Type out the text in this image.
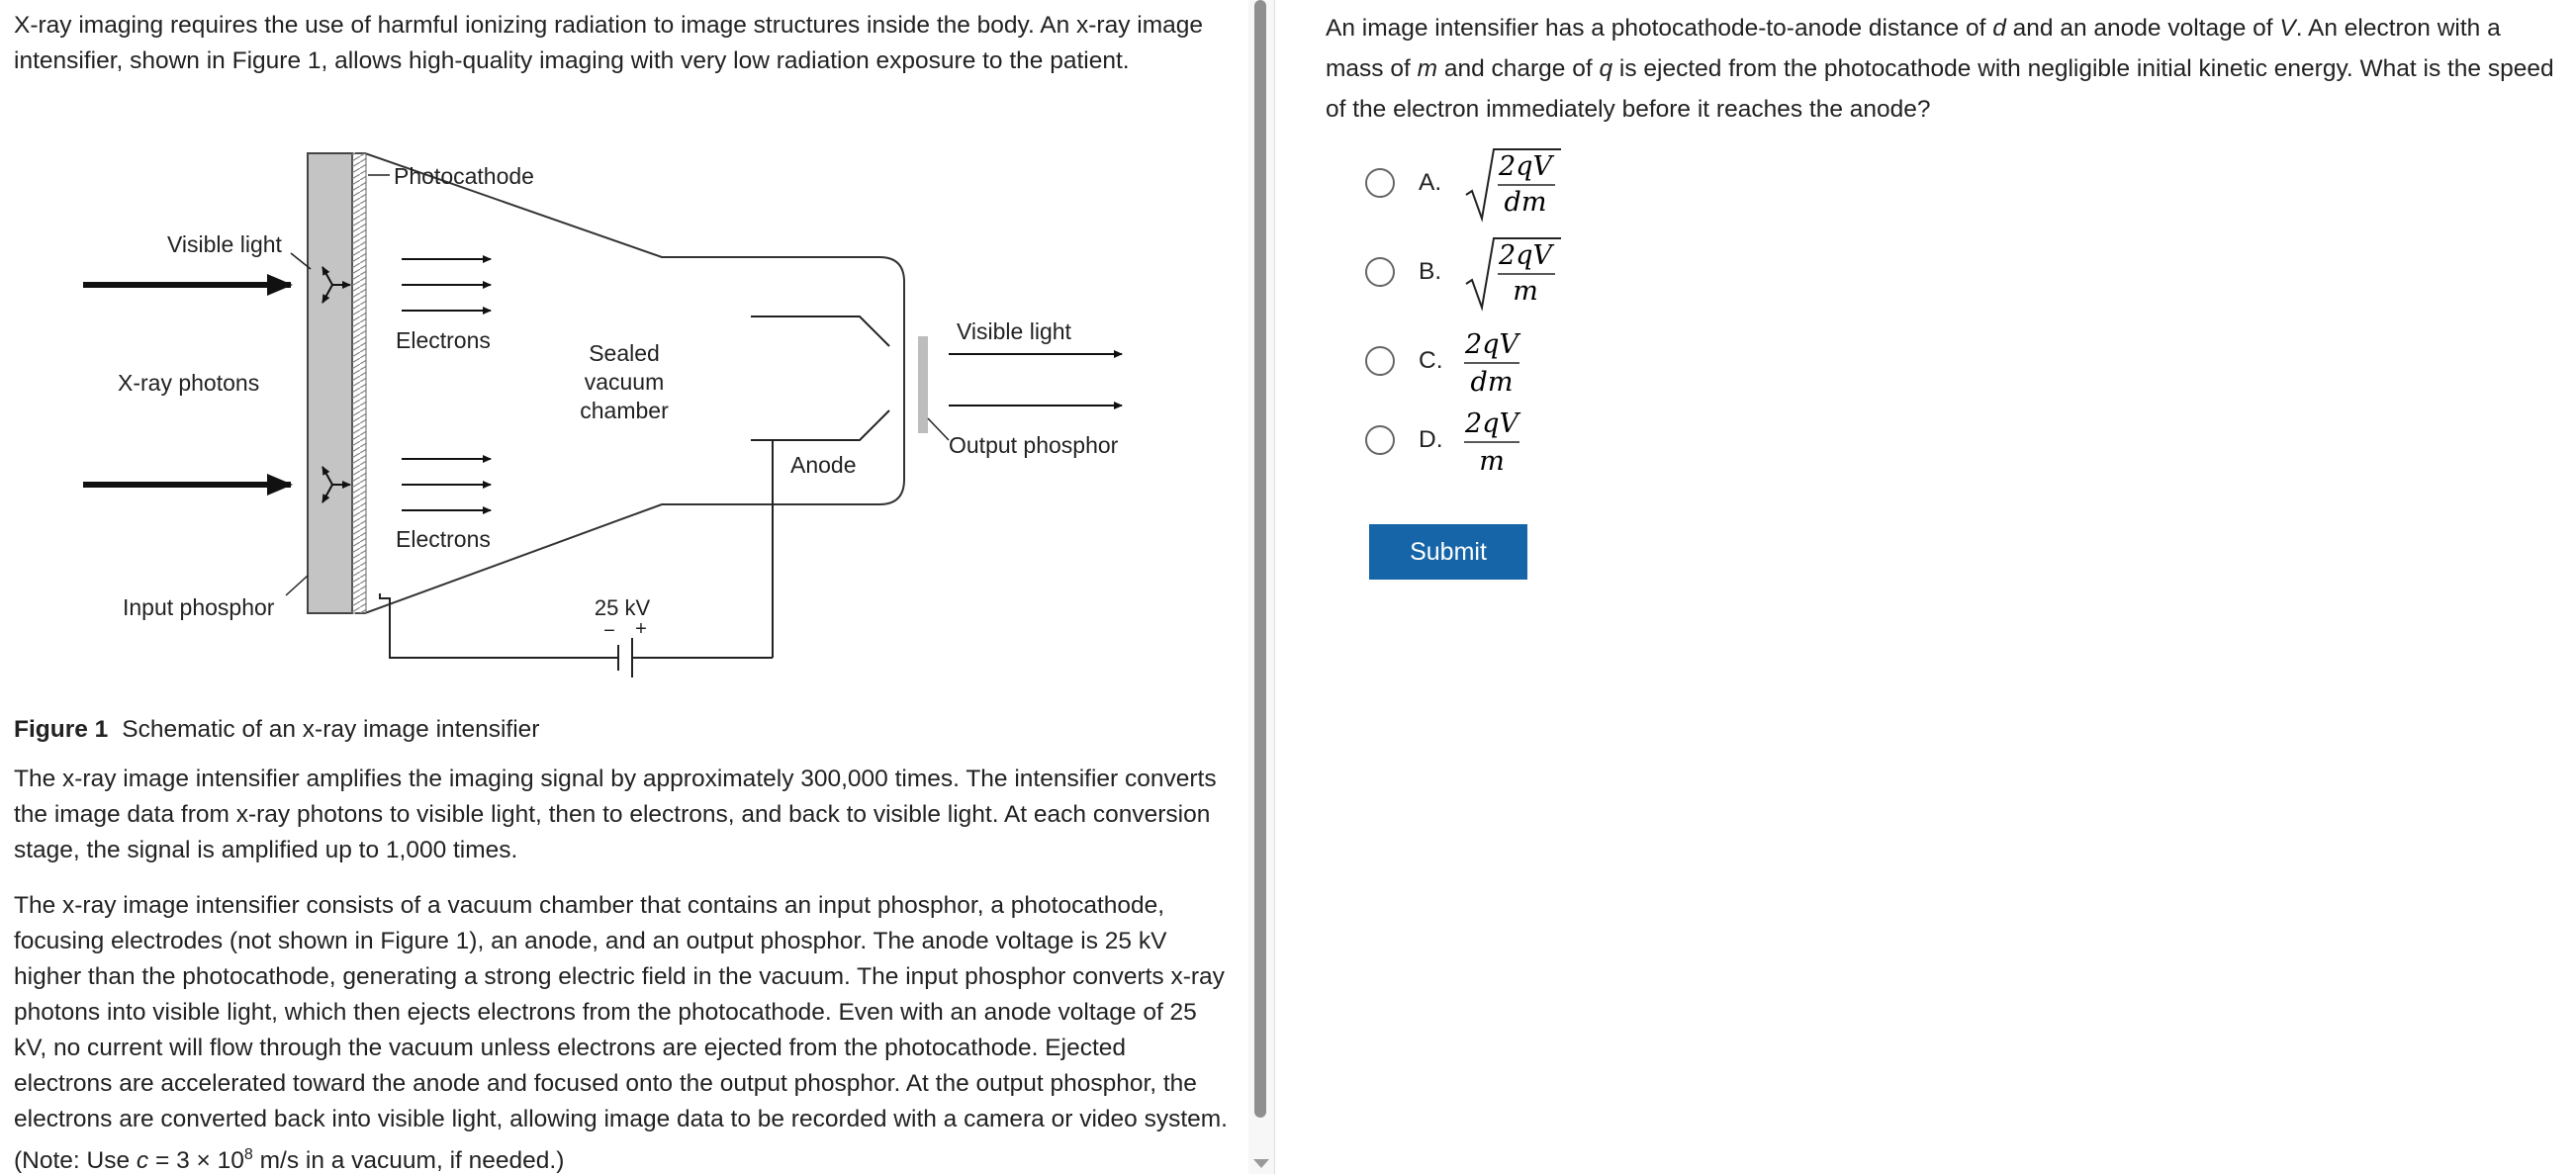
X-ray imaging requires the use of harmful ionizing radiation to image structures inside the body. An x-ray image intensifier, shown in Figure 1, allows high-quality imaging with very low radiation exposure to the patient.

Photocathode
Visible light
X-ray photons
Input phosphor
Electrons
Electrons
Sealed
vacuum
chamber
Anode
Output phosphor
Visible light
25 kV
− +
Figure 1 Schematic of an x-ray image intensifier

The x-ray image intensifier amplifies the imaging signal by approximately 300,000 times. The intensifier converts the image data from x-ray photons to visible light, then to electrons, and back to visible light. At each conversion stage, the signal is amplified up to 1,000 times.

The x-ray image intensifier consists of a vacuum chamber that contains an input phosphor, a photocathode, focusing electrodes (not shown in Figure 1), an anode, and an output phosphor. The anode voltage is 25 kV higher than the photocathode, generating a strong electric field in the vacuum. The input phosphor converts x-ray photons into visible light, which then ejects electrons from the photocathode. Even with an anode voltage of 25 kV, no current will flow through the vacuum unless electrons are ejected from the photocathode. Ejected electrons are accelerated toward the anode and focused onto the output phosphor. At the output phosphor, the electrons are converted back into visible light, allowing image data to be recorded with a camera or video system. (Note: Use $c = 3 \times 10^8$ m/s in a vacuum, if needed.)

An image intensifier has a photocathode-to-anode distance of d and an anode voltage of V. An electron with a mass of m and charge of q is ejected from the photocathode with negligible initial kinetic energy. What is the speed of the electron immediately before it reaches the anode?

A.
2qV
dm
B.
2qV
m
C.
2qV
dm
D.
2qV
m
Submit
